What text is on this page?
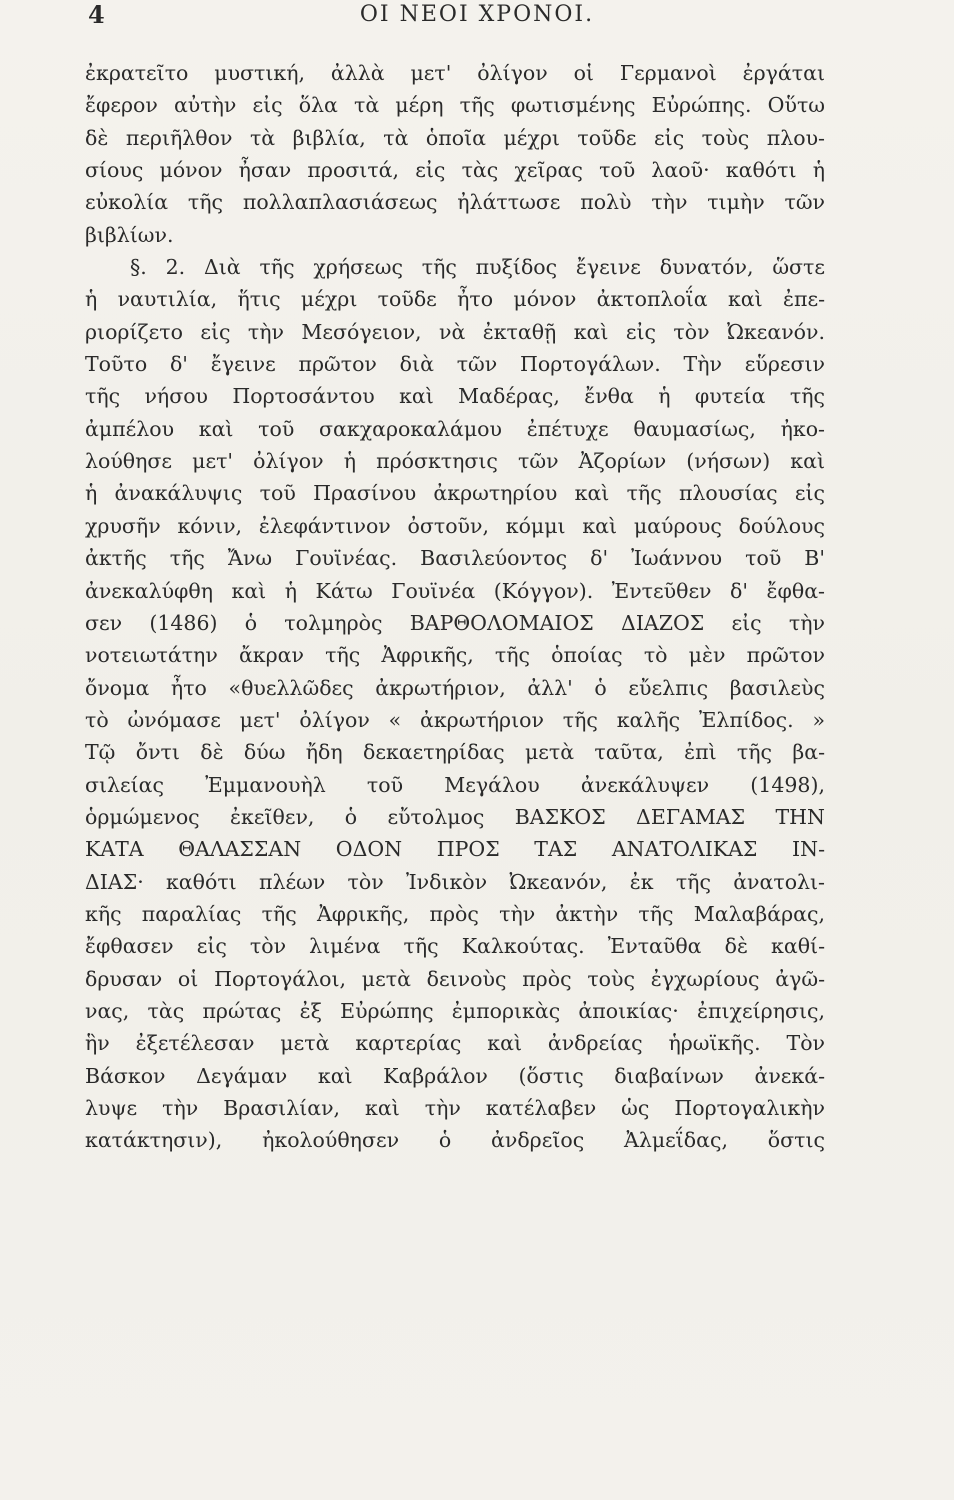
4	ΟΙ ΝΕΟΙ ΧΡΟΝΟΙ.
ἐκρατεῖτο μυστική, ἀλλὰ μετ' ὀλίγον οἱ Γερμανοὶ ἐργάται
ἔφερον αὐτὴν εἰς ὅλα τὰ μέρη τῆς φωτισμένης Εὐρώπης. Οὕτω
δὲ περιῆλθον τὰ βιβλία, τὰ ὁποῖα μέχρι τοῦδε εἰς τοὺς πλου-
σίους μόνον ἦσαν προσιτά, εἰς τὰς χεῖρας τοῦ λαοῦ· καθότι ἡ
εὐκολία τῆς πολλαπλασιάσεως ἠλάττωσε πολὺ τὴν τιμὴν τῶν
βιβλίων.
§. 2. Διὰ τῆς χρήσεως τῆς πυξίδος ἔγεινε δυνατόν, ὥστε
ἡ ναυτιλία, ἥτις μέχρι τοῦδε ἦτο μόνον ἀκτοπλοΐα καὶ ἐπε-
ριορίζετο εἰς τὴν Μεσόγειον, νὰ ἐκταθῇ καὶ εἰς τὸν Ὠκεανόν.
Τοῦτο δ' ἔγεινε πρῶτον διὰ τῶν Πορτογάλων. Τὴν εὕρεσιν
τῆς νήσου Πορτοσάντου καὶ Μαδέρας, ἔνθα ἡ φυτεία τῆς
ἀμπέλου καὶ τοῦ σακχαροκαλάμου ἐπέτυχε θαυμασίως, ἠκο-
λούθησε μετ' ὀλίγον ἡ πρόσκτησις τῶν Ἀζορίων (νήσων) καὶ
ἡ ἀνακάλυψις τοῦ Πρασίνου ἀκρωτηρίου καὶ τῆς πλουσίας εἰς
χρυσῆν κόνιν, ἐλεφάντινον ὀστοῦν, κόμμι καὶ μαύρους δούλους
ἀκτῆς τῆς Ἄνω Γουϊνέας. Βασιλεύοντος δ' Ἰωάννου τοῦ Β'
ἀνεκαλύφθη καὶ ἡ Κάτω Γουϊνέα (Κόγγον). Ἐντεῦθεν δ' ἔφθα-
σεν (1486) ὁ τολμηρὸς ΒΑΡΘΟΛΟΜΑΙΟΣ ΔΙΑΖΟΣ εἰς τὴν
νοτειωτάτην ἄκραν τῆς Ἀφρικῆς, τῆς ὁποίας τὸ μὲν πρῶτον
ὄνομα ἦτο «θυελλῶδες ἀκρωτήριον, ἀλλ' ὁ εὔελπις βασιλεὺς
τὸ ὠνόμασε μετ' ὀλίγον « ἀκρωτήριον τῆς καλῆς Ἐλπίδος. »
Τῷ ὄντι δὲ δύω ἤδη δεκαετηρίδας μετὰ ταῦτα, ἐπὶ τῆς βα-
σιλείας Ἐμμανουὴλ τοῦ Μεγάλου ἀνεκάλυψεν (1498),
ὁρμώμενος ἐκεῖθεν, ὁ εὔτολμος ΒΑΣΚΟΣ ΔΕΓΑΜΑΣ ΤΗΝ
ΚΑΤΑ ΘΑΛΑΣΣΑΝ ΟΔΟΝ ΠΡΟΣ ΤΑΣ ΑΝΑΤΟΛΙΚΑΣ ΙΝ-
ΔΙΑΣ· καθότι πλέων τὸν Ἰνδικὸν Ὠκεανόν, ἐκ τῆς ἀνατολι-
κῆς παραλίας τῆς Ἀφρικῆς, πρὸς τὴν ἀκτὴν τῆς Μαλαβάρας,
ἔφθασεν εἰς τὸν λιμένα τῆς Καλκούτας. Ἐνταῦθα δὲ καθί-
δρυσαν οἱ Πορτογάλοι, μετὰ δεινοὺς πρὸς τοὺς ἐγχωρίους ἀγῶ-
νας, τὰς πρώτας ἐξ Εὐρώπης ἐμπορικὰς ἀποικίας· ἐπιχείρησις,
ἣν ἐξετέλεσαν μετὰ καρτερίας καὶ ἀνδρείας ἡρωϊκῆς. Τὸν
Βάσκον Δεγάμαν καὶ Καβράλον (ὅστις διαβαίνων ἀνεκά-
λυψε τὴν Βρασιλίαν, καὶ τὴν κατέλαβεν ὡς Πορτογαλικὴν
κατάκτησιν), ἠκολούθησεν ὁ ἀνδρεῖος Ἀλμεΐδας, ὅστις
